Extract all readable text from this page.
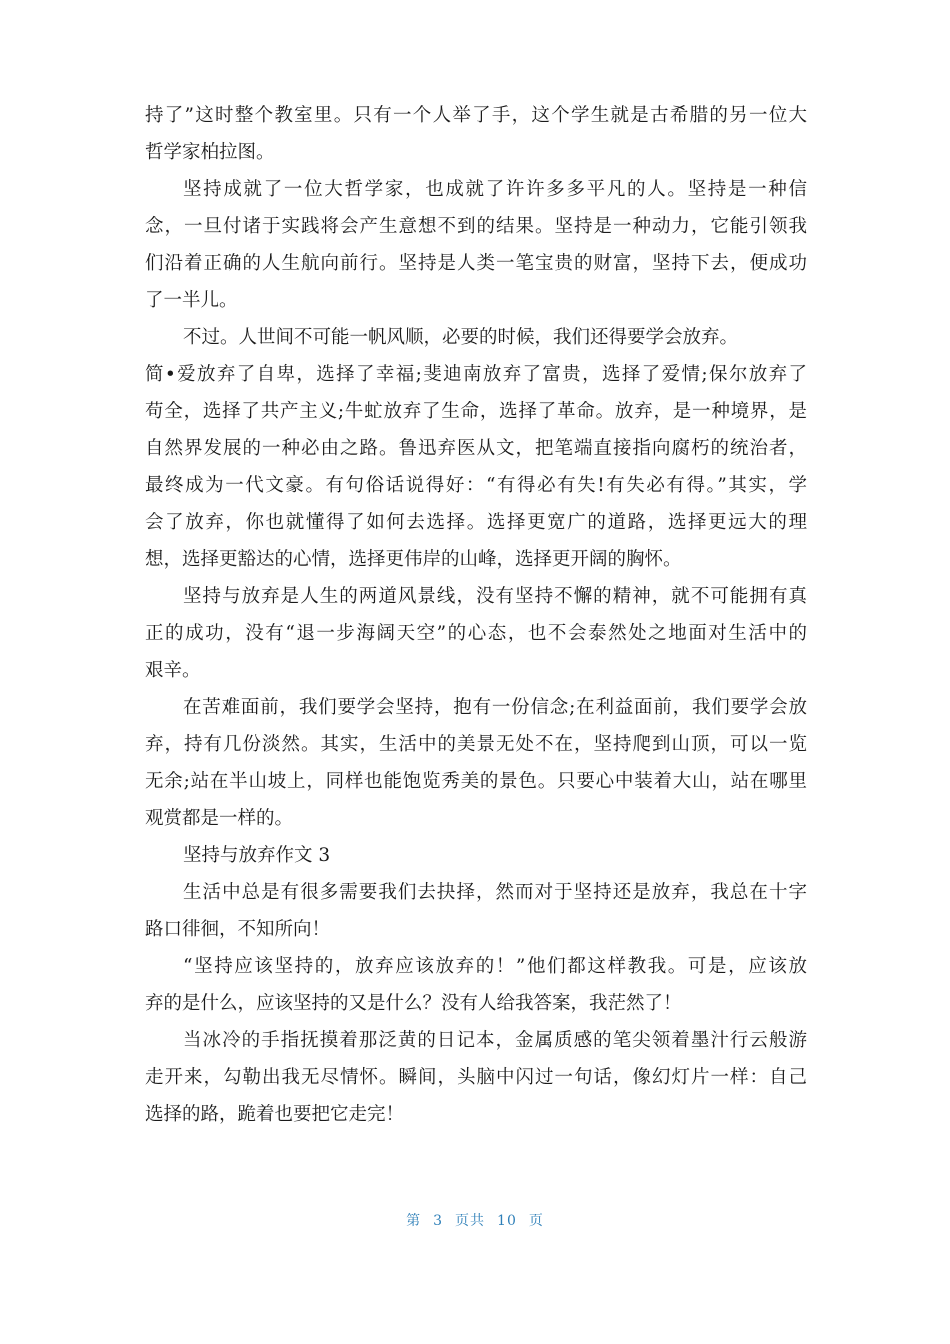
持了”这时整个教室里。只有一个人举了手，这个学生就是古希腊的另一位大
哲学家柏拉图。
坚持成就了一位大哲学家，也成就了许许多多平凡的人。坚持是一种信
念，一旦付诸于实践将会产生意想不到的结果。坚持是一种动力，它能引领我
们沿着正确的人生航向前行。坚持是人类一笔宝贵的财富，坚持下去，便成功
了一半儿。
不过。人世间不可能一帆风顺，必要的时候，我们还得要学会放弃。
简•爱放弃了自卑，选择了幸福;斐迪南放弃了富贵，选择了爱情;保尔放弃了
苟全，选择了共产主义;牛虻放弃了生命，选择了革命。放弃，是一种境界，是
自然界发展的一种必由之路。鲁迅弃医从文，把笔端直接指向腐朽的统治者，
最终成为一代文豪。有句俗话说得好：“有得必有失!有失必有得。”其实，学
会了放弃，你也就懂得了如何去选择。选择更宽广的道路，选择更远大的理
想，选择更豁达的心情，选择更伟岸的山峰，选择更开阔的胸怀。
坚持与放弃是人生的两道风景线，没有坚持不懈的精神，就不可能拥有真
正的成功，没有“退一步海阔天空”的心态，也不会泰然处之地面对生活中的
艰辛。
在苦难面前，我们要学会坚持，抱有一份信念;在利益面前，我们要学会放
弃，持有几份淡然。其实，生活中的美景无处不在，坚持爬到山顶，可以一览
无余;站在半山坡上，同样也能饱览秀美的景色。只要心中装着大山，站在哪里
观赏都是一样的。
坚持与放弃作文 3
生活中总是有很多需要我们去抉择，然而对于坚持还是放弃，我总在十字
路口徘徊，不知所向！
“坚持应该坚持的，放弃应该放弃的！”他们都这样教我。可是，应该放
弃的是什么，应该坚持的又是什么？没有人给我答案，我茫然了！
当冰冷的手指抚摸着那泛黄的日记本，金属质感的笔尖领着墨汁行云般游
走开来，勾勒出我无尽情怀。瞬间，头脑中闪过一句话，像幻灯片一样：自己
选择的路，跪着也要把它走完！
第 3 页共 10 页
